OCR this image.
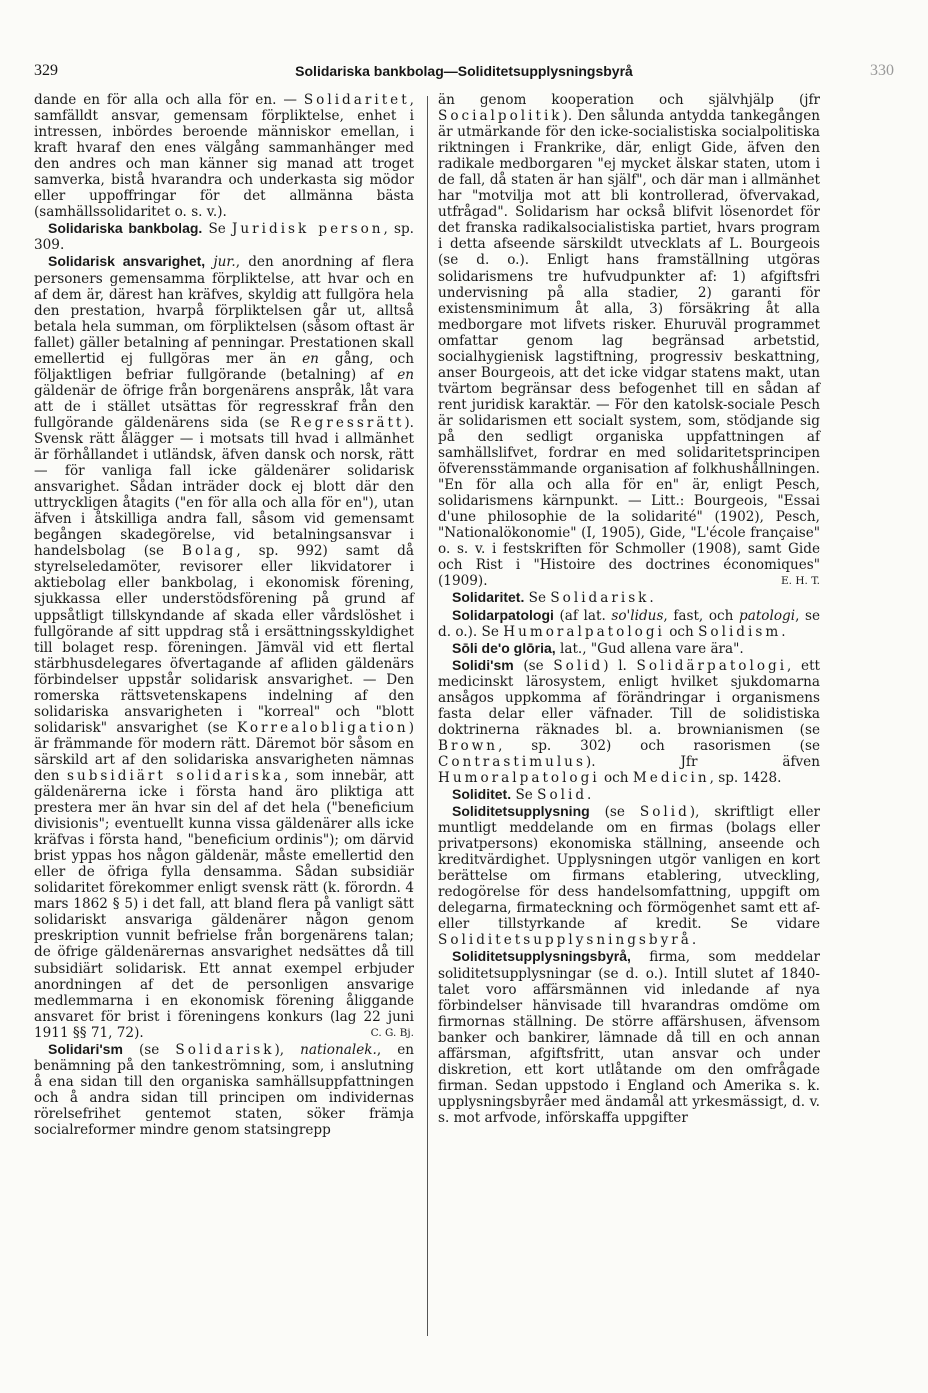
329	Solidariska bankbolag—Soliditetsupplysningsbyrå	330

dande en för alla och alla för en. — Solidaritet, samfälldt ansvar, gemensam förpliktelse, enhet i intressen, inbördes beroende människor emellan, i kraft hvaraf den enes välgång sammanhänger med den andres och man känner sig manad att troget samverka, bistå hvarandra och underkasta sig mödor eller uppoffringar för det allmänna bästa (samhällssolidaritet o. s. v.).

Solidariska bankbolag. Se Juridisk person, sp. 309.

Solidarisk ansvarighet, jur., den anordning af flera personers gemensamma förpliktelse, att hvar och en af dem är, därest han kräfves, skyldig att fullgöra hela den prestation, hvarpå förpliktelsen går ut, alltså betala hela summan, om förpliktelsen (såsom oftast är fallet) gäller betalning af penningar. Prestationen skall emellertid ej fullgöras mer än en gång, och följaktligen befriar fullgörande (betalning) af en gäldenär de öfrige från borgenärens anspråk, låt vara att de i stället utsättas för regresskraf från den fullgörande gäldenärens sida (se Regressrätt). Svensk rätt ålägger — i motsats till hvad i allmänhet är förhållandet i utländsk, äfven dansk och norsk, rätt — för vanliga fall icke gäldenärer solidarisk ansvarighet. Sådan inträder dock ej blott där den uttryckligen åtagits ("en för alla och alla för en"), utan äfven i åtskilliga andra fall, såsom vid gemensamt begången skadegörelse, vid betalningsansvar i handelsbolag (se Bolag, sp. 992) samt då styrelseledamöter, revisorer eller likvidatorer i aktiebolag eller bankbolag, i ekonomisk förening, sjukkassa eller understödsförening på grund af uppsåtligt tillskyndande af skada eller vårdslöshet i fullgörande af sitt uppdrag stå i ersättningsskyldighet till bolaget resp. föreningen. Jämväl vid ett flertal stärbhusdelegares öfvertagande af afliden gäldenärs förbindelser uppstår solidarisk ansvarighet. — Den romerska rättsvetenskapens indelning af den solidariska ansvarigheten i "korreal" och "blott solidarisk" ansvarighet (se Korrealobligation) är främmande för modern rätt. Däremot bör såsom en särskild art af den solidariska ansvarigheten nämnas den subsidiärt solidariska, som innebär, att gäldenärerna icke i första hand äro pliktiga att prestera mer än hvar sin del af det hela ("beneficium divisionis"; eventuellt kunna vissa gäldenärer alls icke kräfvas i första hand, "beneficium ordinis"); om därvid brist yppas hos någon gäldenär, måste emellertid den eller de öfriga fylla densamma. Sådan subsidiär solidaritet förekommer enligt svensk rätt (k. förordn. 4 mars 1862 § 5) i det fall, att bland flera på vanligt sätt solidariskt ansvariga gäldenärer någon genom preskription vunnit befrielse från borgenärens talan; de öfrige gäldenärernas ansvarighet nedsättes då till subsidiärt solidarisk. Ett annat exempel erbjuder anordningen af det de personligen ansvarige medlemmarna i en ekonomisk förening åliggande ansvaret för brist i föreningens konkurs (lag 22 juni 1911 §§ 71, 72).	C. G. Bj.

Solidari'sm (se Solidarisk), nationalek., en benämning på den tankeströmning, som, i anslutning å ena sidan till den organiska samhällsuppfattningen och å andra sidan till principen om individernas rörelsefrihet gentemot staten, söker främja socialreformer mindre genom statsingrepp

än genom kooperation och självhjälp (jfr Socialpolitik). Den sålunda antydda tankegången är utmärkande för den icke-socialistiska socialpolitiska riktningen i Frankrike, där, enligt Gide, äfven den radikale medborgaren "ej mycket älskar staten, utom i de fall, då staten är han själf", och där man i allmänhet har "motvilja mot att bli kontrollerad, öfvervakad, utfrågad". Solidarism har också blifvit lösenordet för det franska radikalsocialistiska partiet, hvars program i detta afseende särskildt utvecklats af L. Bourgeois (se d. o.). Enligt hans framställning utgöras solidarismens tre hufvudpunkter af: 1) afgiftsfri undervisning på alla stadier, 2) garanti för existensminimum åt alla, 3) försäkring åt alla medborgare mot lifvets risker. Ehuruväl programmet omfattar genom lag begränsad arbetstid, socialhygienisk lagstiftning, progressiv beskattning, anser Bourgeois, att det icke vidgar statens makt, utan tvärtom begränsar dess befogenhet till en sådan af rent juridisk karaktär. — För den katolsk-sociale Pesch är solidarismen ett socialt system, som, stödjande sig på den sedligt organiska uppfattningen af samhällslifvet, fordrar en med solidaritetsprincipen öfverensstämmande organisation af folkhushållningen. "En för alla och alla för en" är, enligt Pesch, solidarismens kärnpunkt. — Litt.: Bourgeois, "Essai d'une philosophie de la solidarité" (1902), Pesch, "Nationalökonomie" (I, 1905), Gide, "L'école française" o. s. v. i festskriften för Schmoller (1908), samt Gide och Rist i "Histoire des doctrines économiques" (1909).	E. H. T.

Solidaritet. Se Solidarisk.

Solidarpatologi (af lat. so'lidus, fast, och patologi, se d. o.). Se Humoralpatologi och Solidism.

Sōli de'o glōria, lat., "Gud allena vare ära".

Solidi'sm (se Solid) l. Solidärpatologi, ett medicinskt lärosystem, enligt hvilket sjukdomarna ansågos uppkomma af förändringar i organismens fasta delar eller väfnader. Till de solidistiska doktrinerna räknades bl. a. brownianismen (se Brown, sp. 302) och rasorismen (se Contrastimulus). Jfr äfven Humoralpatologi och Medicin, sp. 1428.

Soliditet. Se Solid.

Soliditetsupplysning (se Solid), skriftligt eller muntligt meddelande om en firmas (bolags eller privatpersons) ekonomiska ställning, anseende och kreditvärdighet. Upplysningen utgör vanligen en kort berättelse om firmans etablering, utveckling, redogörelse för dess handelsomfattning, uppgift om delegarna, firmateckning och förmögenhet samt ett af- eller tillstyrkande af kredit. Se vidare Soliditetsupplysningsbyrå.

Soliditetsupplysningsbyrå, firma, som meddelar soliditetsupplysningar (se d. o.). Intill slutet af 1840-talet voro affärsmännen vid inledande af nya förbindelser hänvisade till hvarandras omdöme om firmornas ställning. De större affärshusen, äfvensom banker och bankirer, lämnade då till en och annan affärsman, afgiftsfritt, utan ansvar och under diskretion, ett kort utlåtande om den omfrågade firman. Sedan uppstodo i England och Amerika s. k. upplysningsbyråer med ändamål att yrkesmässigt, d. v. s. mot arfvode, införskaffa uppgifter
